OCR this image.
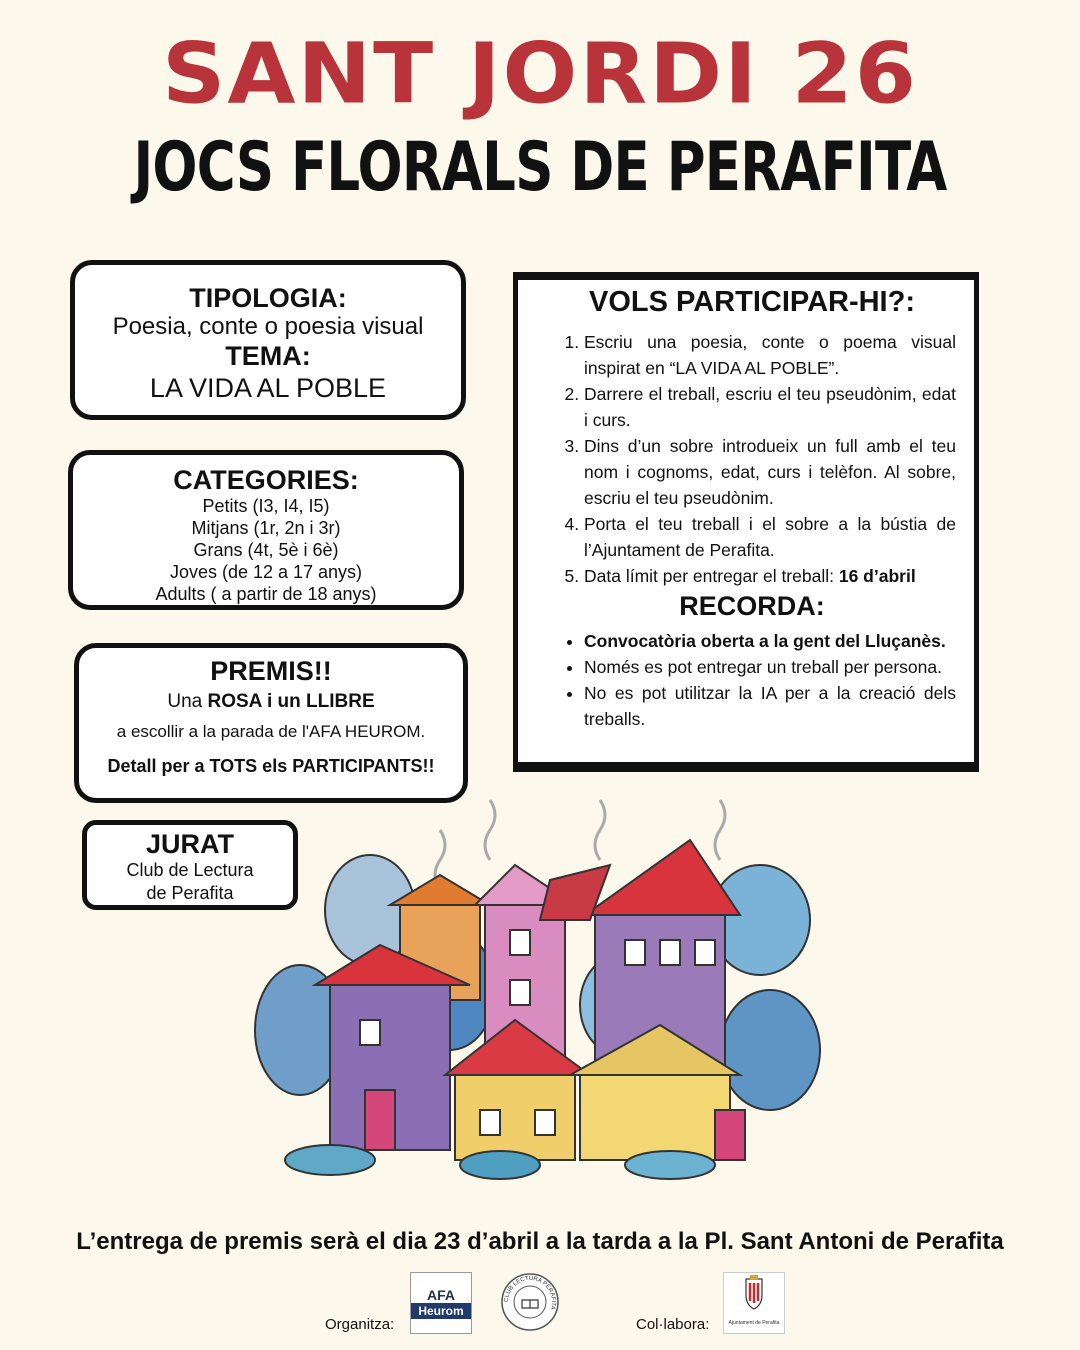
SANT JORDI 26
JOCS FLORALS DE PERAFITA
TIPOLOGIA:
Poesia, conte o poesia visual
TEMA:
LA VIDA AL POBLE
CATEGORIES:
Petits (I3, I4, I5)
Mitjans (1r, 2n i 3r)
Grans (4t, 5è i 6è)
Joves (de 12 a 17 anys)
Adults ( a partir de 18 anys)
PREMIS!!
Una ROSA i un LLIBRE
a escollir a la parada de l'AFA HEUROM.
Detall per a TOTS els PARTICIPANTS!!
JURAT
Club de Lectura
de Perafita
VOLS PARTICIPAR-HI?:
1. Escriu una poesia, conte o poema visual inspirat en “LA VIDA AL POBLE”.
2. Darrere el treball, escriu el teu pseudònim, edat i curs.
3. Dins d’un sobre introdueix un full amb el teu nom i cognoms, edat, curs i telèfon. Al sobre, escriu el teu pseudònim.
4. Porta el teu treball i el sobre a la bústia de l’Ajuntament de Perafita.
5. Data límit per entregar el treball: 16 d’abril
RECORDA:
• Convocatòria oberta a la gent del Lluçanès.
• Només es pot entregar un treball per persona.
• No es pot utilitzar la IA per a la creació dels treballs.
L’entrega de premis serà el dia 23 d’abril a la tarda a la Pl. Sant Antoni de Perafita
Organitza:
AFA
Heurom
CLUB LECTURA PERAFITA
Col·labora:	Ajuntament de Perafita
